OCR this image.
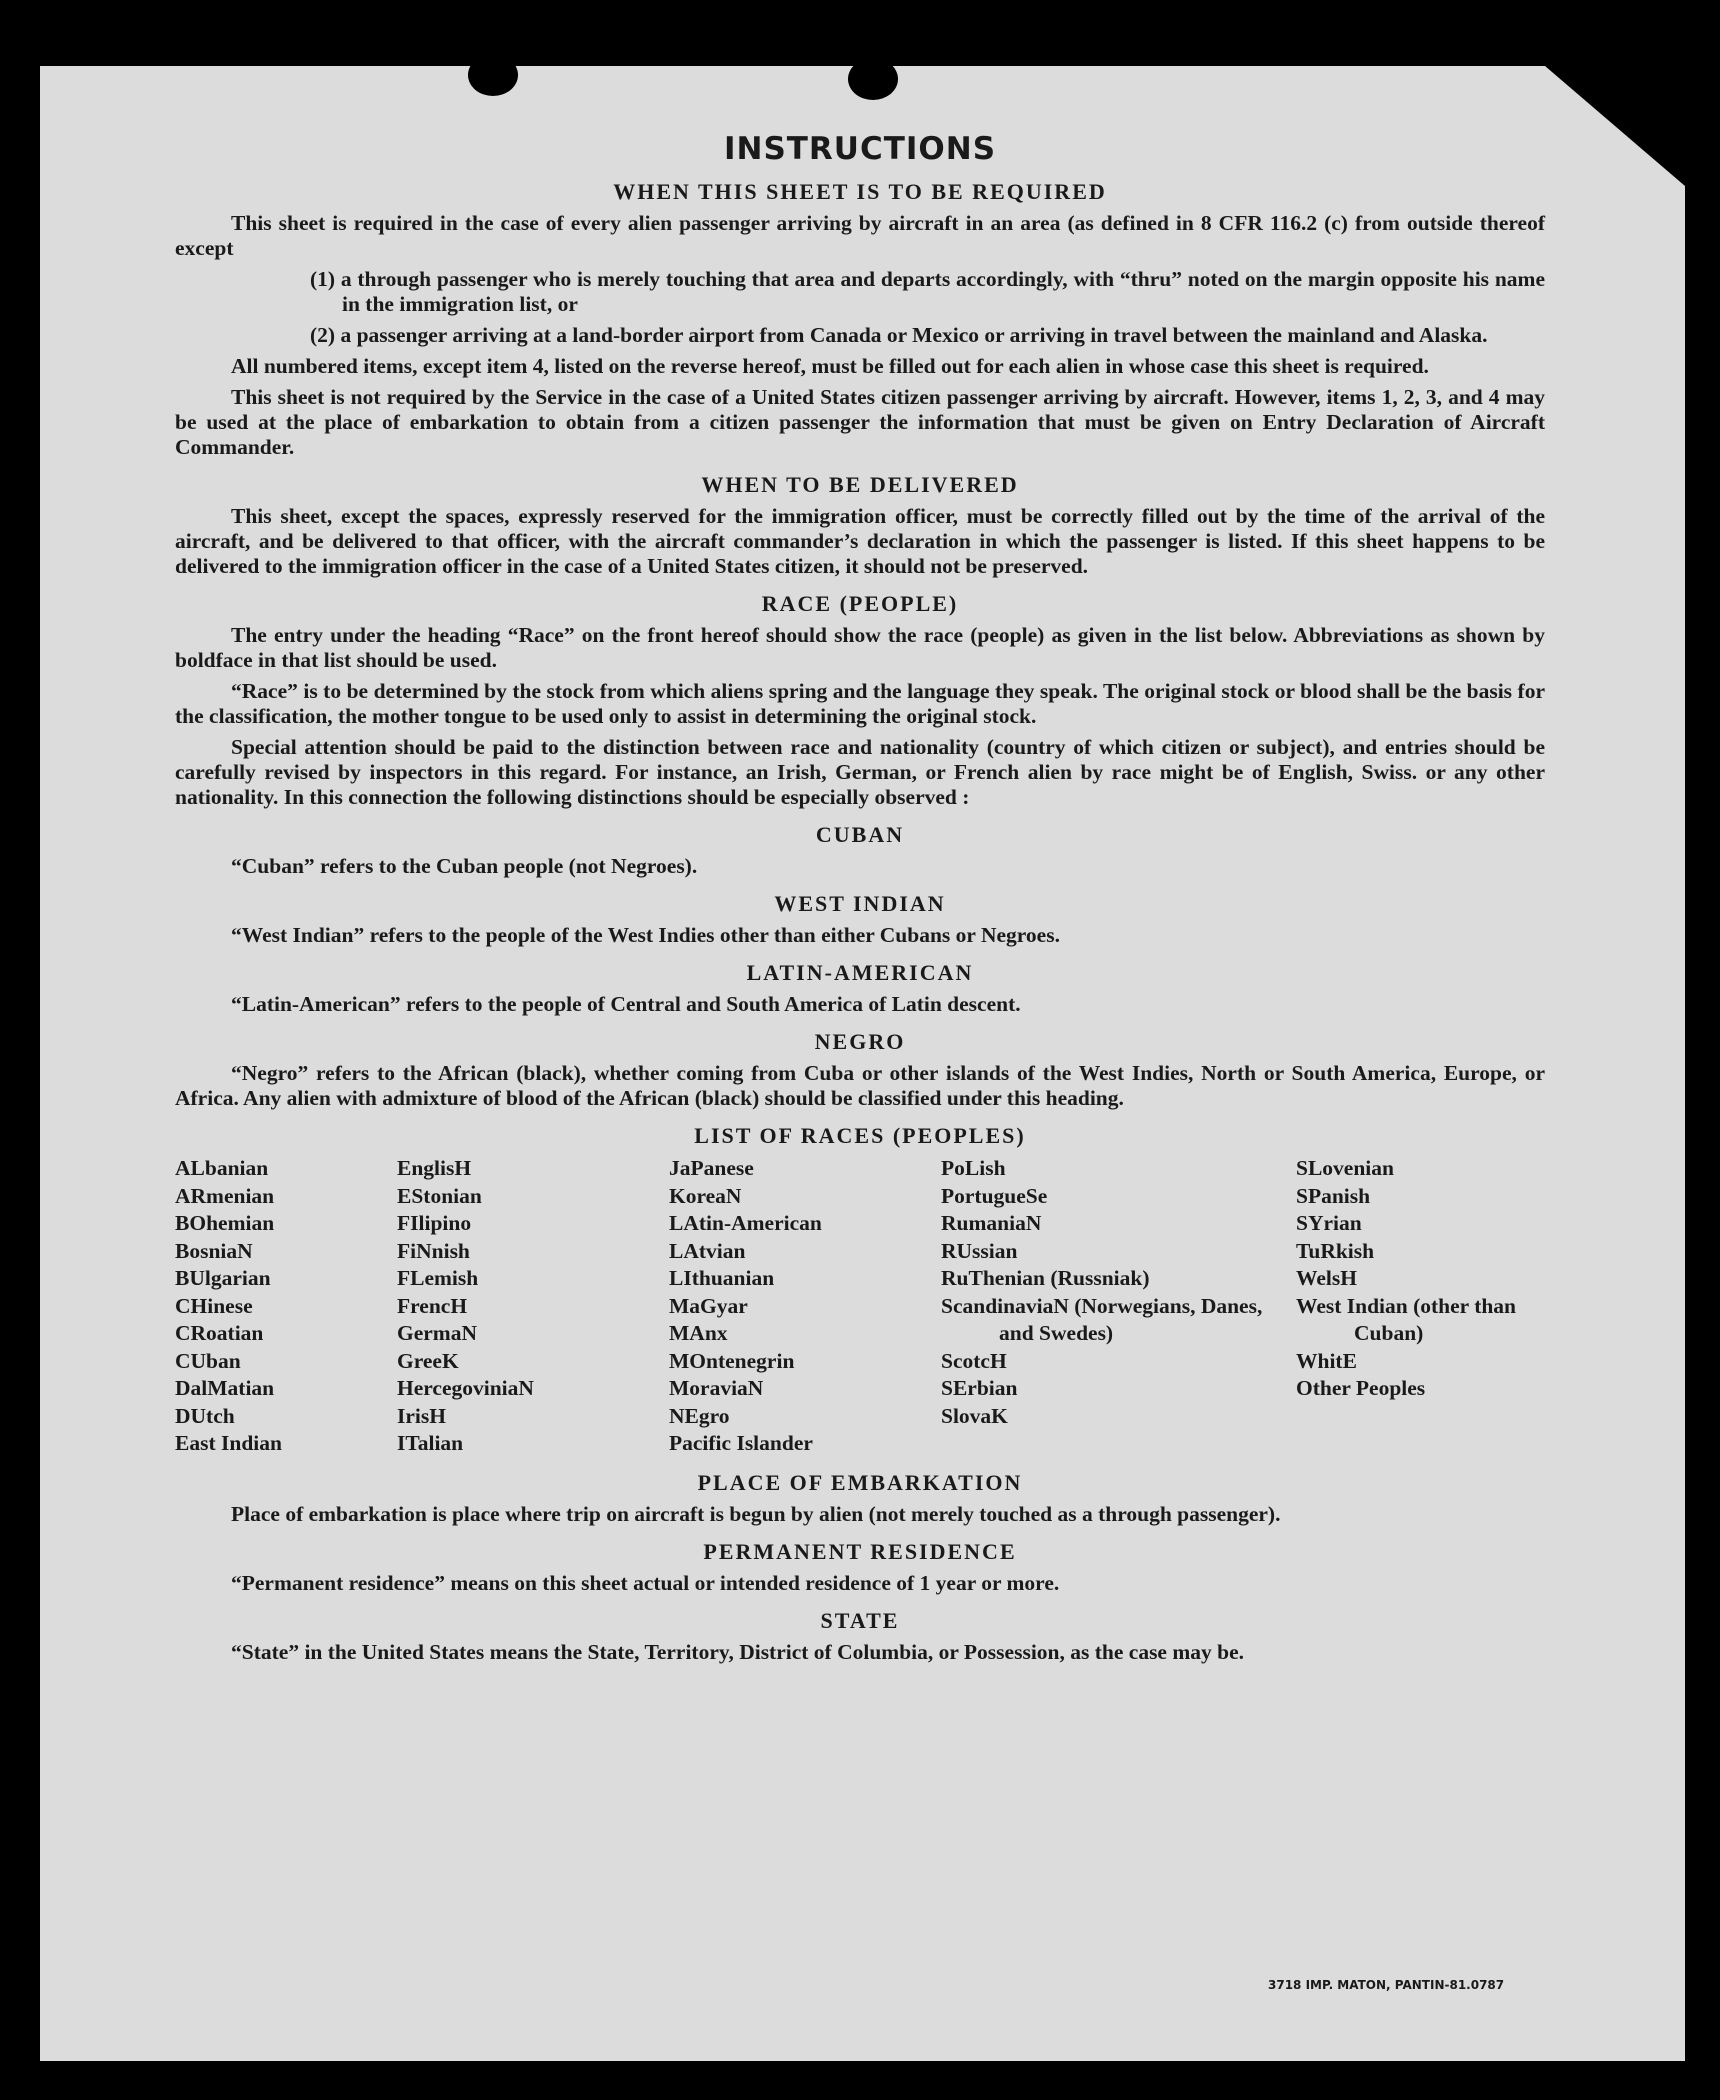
INSTRUCTIONS
WHEN THIS SHEET IS TO BE REQUIRED

This sheet is required in the case of every alien passenger arriving by aircraft in an area (as defined in 8 CFR 116.2 (c) from outside thereof except

(1) a through passenger who is merely touching that area and departs accordingly, with “thru” noted on the margin opposite his name in the immigration list, or
(2) a passenger arriving at a land-border airport from Canada or Mexico or arriving in travel between the mainland and Alaska.

All numbered items, except item 4, listed on the reverse hereof, must be filled out for each alien in whose case this sheet is required.

This sheet is not required by the Service in the case of a United States citizen passenger arriving by aircraft. However, items 1, 2, 3, and 4 may be used at the place of embarkation to obtain from a citizen passenger the information that must be given on Entry Declaration of Aircraft Commander.

WHEN TO BE DELIVERED

This sheet, except the spaces, expressly reserved for the immigration officer, must be correctly filled out by the time of the arrival of the aircraft, and be delivered to that officer, with the aircraft commander’s declaration in which the passenger is listed. If this sheet happens to be delivered to the immigration officer in the case of a United States citizen, it should not be preserved.

RACE (PEOPLE)

The entry under the heading “Race” on the front hereof should show the race (people) as given in the list below. Abbreviations as shown by boldface in that list should be used.

“Race” is to be determined by the stock from which aliens spring and the language they speak. The original stock or blood shall be the basis for the classification, the mother tongue to be used only to assist in determining the original stock.

Special attention should be paid to the distinction between race and nationality (country of which citizen or subject), and entries should be carefully revised by inspectors in this regard. For instance, an Irish, German, or French alien by race might be of English, Swiss. or any other nationality. In this connection the following distinctions should be especially observed :

CUBAN
“Cuban” refers to the Cuban people (not Negroes).
WEST INDIAN
“West Indian” refers to the people of the West Indies other than either Cubans or Negroes.
LATIN-AMERICAN
“Latin-American” refers to the people of Central and South America of Latin descent.
NEGRO

“Negro” refers to the African (black), whether coming from Cuba or other islands of the West Indies, North or South America, Europe, or Africa. Any alien with admixture of blood of the African (black) should be classified under this heading.

LIST OF RACES (PEOPLES)
ALbanian
ARmenian
BOhemian
BosniaN
BUlgarian
CHinese
CRoatian
CUban
DalMatian
DUtch
East Indian
EnglisH
EStonian
FIlipino
FiNnish
FLemish
FrencH
GermaN
GreeK
HercegoviniaN
IrisH
ITalian
JaPanese
KoreaN
LAtin-American
LAtvian
LIthuanian
MaGyar
MAnx
MOntenegrin
MoraviaN
NEgro
Pacific Islander
PoLish
PortugueSe
RumaniaN
RUssian
RuThenian (Russniak)
ScandinaviaN (Norwegians, Danes, and Swedes)
ScotcH
SErbian
SlovaK
SLovenian
SPanish
SYrian
TuRkish
WelsH
West Indian (other than Cuban)
WhitE
Other Peoples
PLACE OF EMBARKATION

Place of embarkation is place where trip on aircraft is begun by alien (not merely touched as a through passenger).

PERMANENT RESIDENCE
“Permanent residence” means on this sheet actual or intended residence of 1 year or more.
STATE
“State” in the United States means the State, Territory, District of Columbia, or Possession, as the case may be.
3718 IMP. MATON, PANTIN-81.0787
